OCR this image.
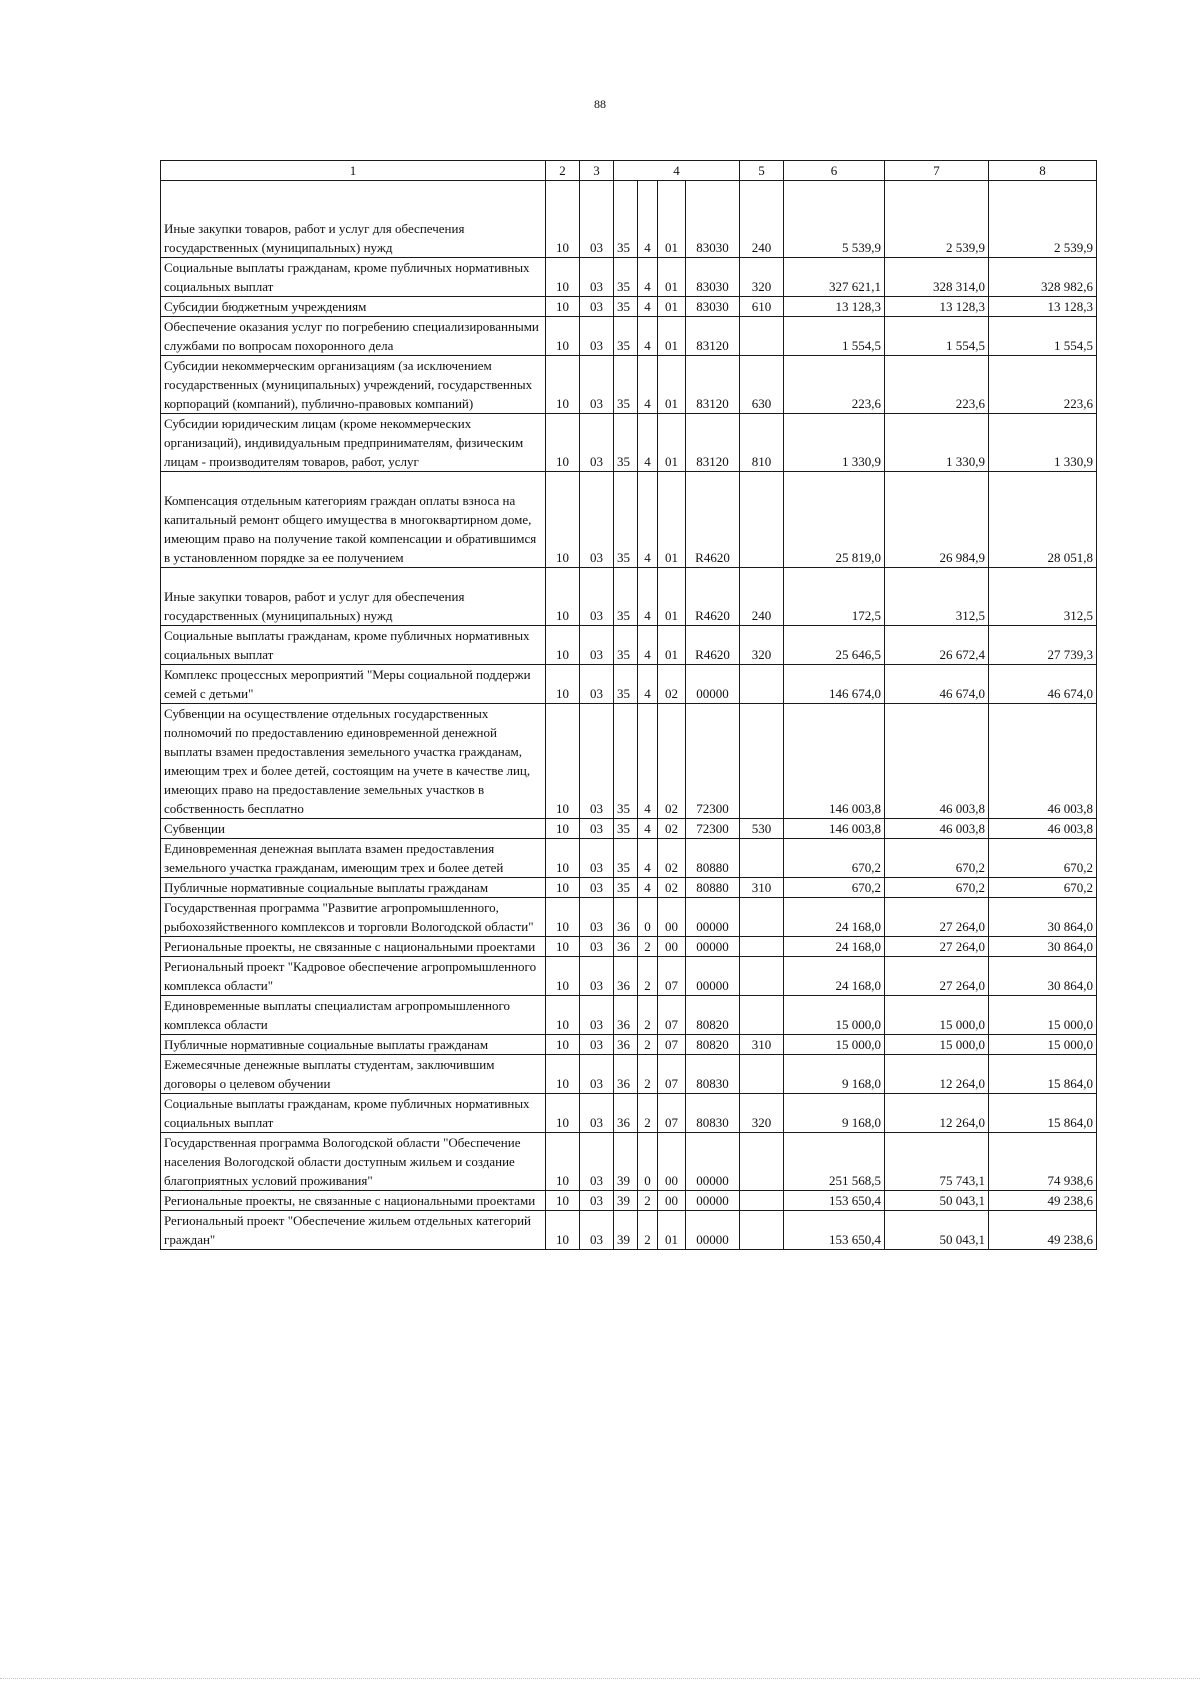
88
1	2	3	4				5	6	7	8
Иные закупки товаров, работ и услуг для обеспечения государственных (муниципальных) нужд	10	03	35	4	01	83030	240	5 539,9	2 539,9	2 539,9
Социальные выплаты гражданам, кроме публичных нормативных социальных выплат	10	03	35	4	01	83030	320	327 621,1	328 314,0	328 982,6
Субсидии бюджетным учреждениям	10	03	35	4	01	83030	610	13 128,3	13 128,3	13 128,3
Обеспечение оказания услуг по погребению специализированными службами по вопросам похоронного дела	10	03	35	4	01	83120		1 554,5	1 554,5	1 554,5
Субсидии некоммерческим организациям (за исключением государственных (муниципальных) учреждений, государственных корпораций (компаний), публично-правовых компаний)	10	03	35	4	01	83120	630	223,6	223,6	223,6
Субсидии юридическим лицам (кроме некоммерческих организаций), индивидуальным предпринимателям, физическим лицам - производителям товаров, работ, услуг	10	03	35	4	01	83120	810	1 330,9	1 330,9	1 330,9
Компенсация отдельным категориям граждан оплаты взноса на капитальный ремонт общего имущества в многоквартирном доме, имеющим право на получение такой компенсации и обратившимся в установленном порядке за ее получением	10	03	35	4	01	R4620		25 819,0	26 984,9	28 051,8
Иные закупки товаров, работ и услуг для обеспечения государственных (муниципальных) нужд	10	03	35	4	01	R4620	240	172,5	312,5	312,5
Социальные выплаты гражданам, кроме публичных нормативных социальных выплат	10	03	35	4	01	R4620	320	25 646,5	26 672,4	27 739,3
Комплекс процессных мероприятий "Меры социальной поддержи семей с детьми"	10	03	35	4	02	00000		146 674,0	46 674,0	46 674,0
Субвенции на осуществление отдельных государственных полномочий по предоставлению единовременной денежной выплаты взамен предоставления земельного участка гражданам, имеющим трех и более детей, состоящим на учете в качестве лиц, имеющих право на предоставление земельных участков в собственность бесплатно	10	03	35	4	02	72300		146 003,8	46 003,8	46 003,8
Субвенции	10	03	35	4	02	72300	530	146 003,8	46 003,8	46 003,8
Единовременная денежная выплата взамен предоставления земельного участка гражданам, имеющим трех и более детей	10	03	35	4	02	80880		670,2	670,2	670,2
Публичные нормативные социальные выплаты гражданам	10	03	35	4	02	80880	310	670,2	670,2	670,2
Государственная программа "Развитие агропромышленного, рыбохозяйственного комплексов и торговли Вологодской области"	10	03	36	0	00	00000		24 168,0	27 264,0	30 864,0
Региональные проекты, не связанные с национальными проектами	10	03	36	2	00	00000		24 168,0	27 264,0	30 864,0
Региональный проект "Кадровое обеспечение агропромышленного комплекса области"	10	03	36	2	07	00000		24 168,0	27 264,0	30 864,0
Единовременные выплаты специалистам агропромышленного комплекса области	10	03	36	2	07	80820		15 000,0	15 000,0	15 000,0
Публичные нормативные социальные выплаты гражданам	10	03	36	2	07	80820	310	15 000,0	15 000,0	15 000,0
Ежемесячные денежные выплаты студентам, заключившим договоры о целевом обучении	10	03	36	2	07	80830		9 168,0	12 264,0	15 864,0
Социальные выплаты гражданам, кроме публичных нормативных социальных выплат	10	03	36	2	07	80830	320	9 168,0	12 264,0	15 864,0
Государственная программа Вологодской области "Обеспечение населения Вологодской области доступным жильем и создание благоприятных условий проживания"	10	03	39	0	00	00000		251 568,5	75 743,1	74 938,6
Региональные проекты, не связанные с национальными проектами	10	03	39	2	00	00000		153 650,4	50 043,1	49 238,6
Региональный проект "Обеспечение жильем отдельных категорий граждан"	10	03	39	2	01	00000		153 650,4	50 043,1	49 238,6
